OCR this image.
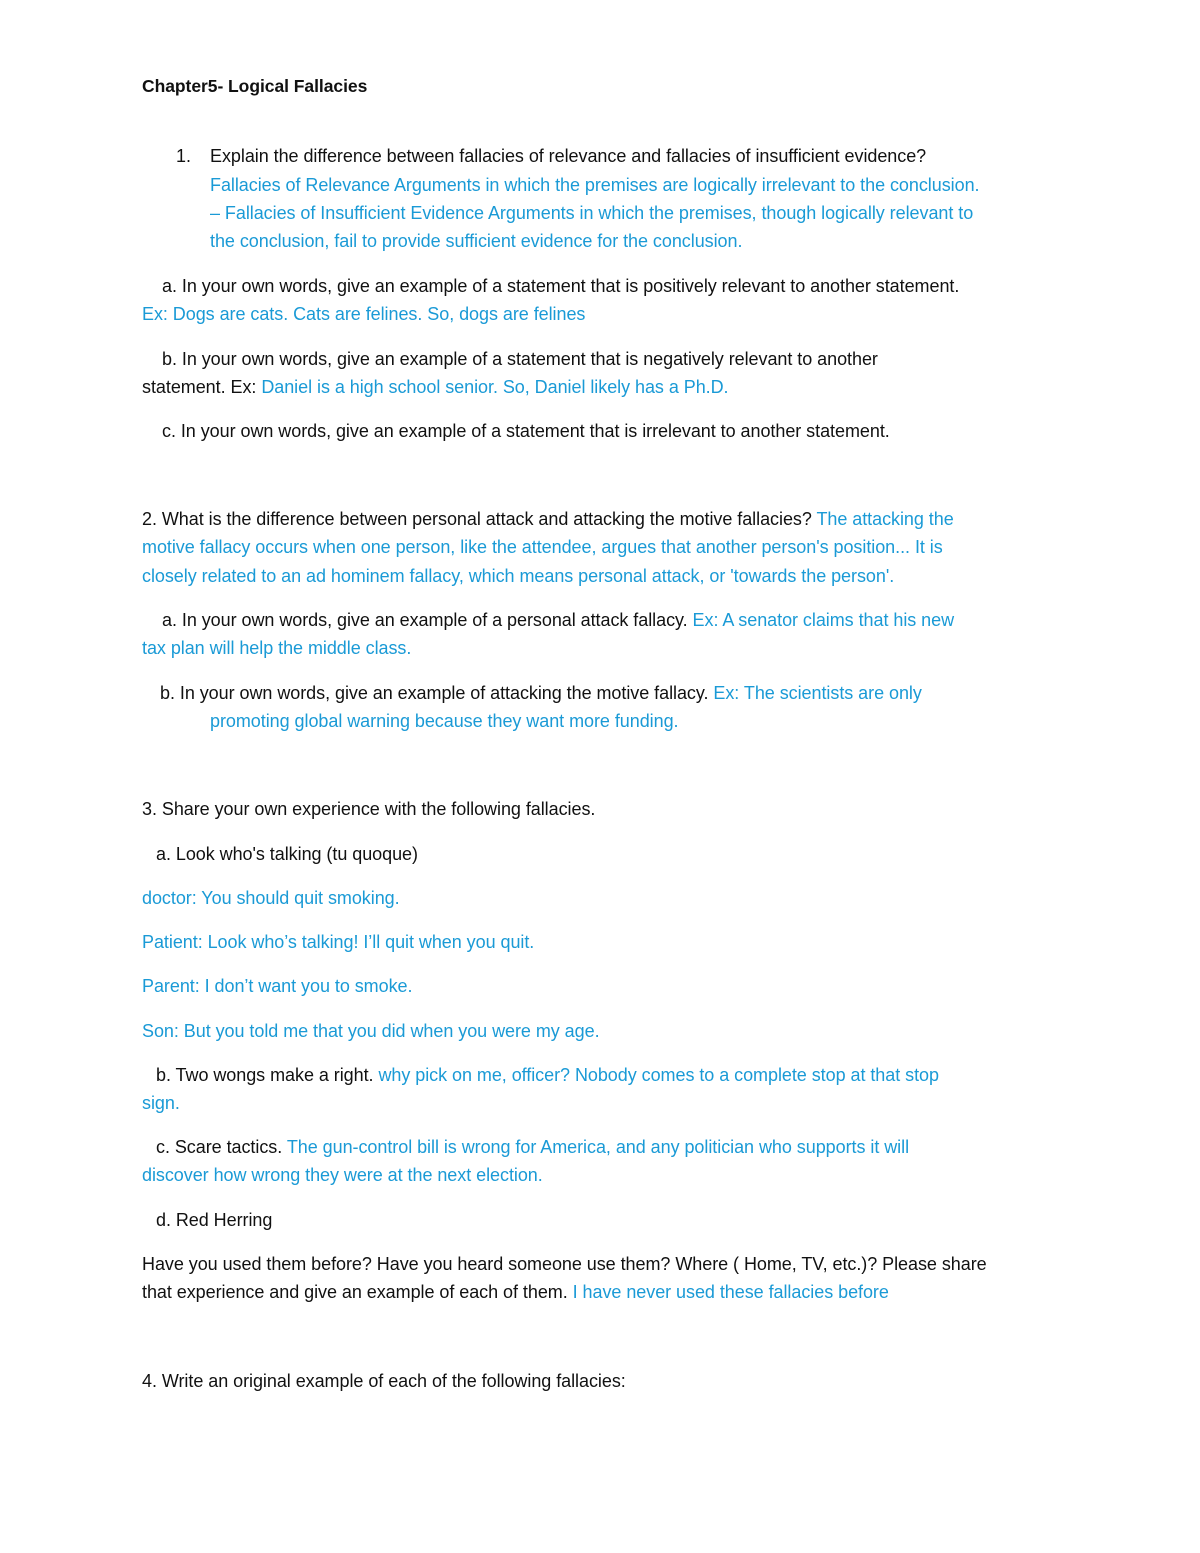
Chapter5- Logical Fallacies
1. Explain the difference between fallacies of relevance and fallacies of insufficient evidence?
Fallacies of Relevance Arguments in which the premises are logically irrelevant to the conclusion.
– Fallacies of Insufficient Evidence Arguments in which the premises, though logically relevant to
the conclusion, fail to provide sufficient evidence for the conclusion.
a. In your own words, give an example of a statement that is positively relevant to another statement.
Ex: Dogs are cats. Cats are felines. So, dogs are felines
b. In your own words, give an example of a statement that is negatively relevant to another
statement. Ex: Daniel is a high school senior. So, Daniel likely has a Ph.D.
c. In your own words, give an example of a statement that is irrelevant to another statement.
2. What is the difference between personal attack and attacking the motive fallacies? The attacking the
motive fallacy occurs when one person, like the attendee, argues that another person's position... It is
closely related to an ad hominem fallacy, which means personal attack, or 'towards the person'.
a. In your own words, give an example of a personal attack fallacy. Ex: A senator claims that his new
tax plan will help the middle class.
b. In your own words, give an example of attacking the motive fallacy. Ex: The scientists are only
promoting global warning because they want more funding.
3. Share your own experience with the following fallacies.
a. Look who's talking (tu quoque)
doctor: You should quit smoking.
Patient: Look who’s talking! I’ll quit when you quit.
Parent: I don’t want you to smoke.
Son: But you told me that you did when you were my age.
b. Two wongs make a right. why pick on me, officer? Nobody comes to a complete stop at that stop
sign.
c. Scare tactics. The gun-control bill is wrong for America, and any politician who supports it will
discover how wrong they were at the next election.
d. Red Herring
Have you used them before? Have you heard someone use them? Where ( Home, TV, etc.)? Please share
that experience and give an example of each of them. I have never used these fallacies before
4. Write an original example of each of the following fallacies:
